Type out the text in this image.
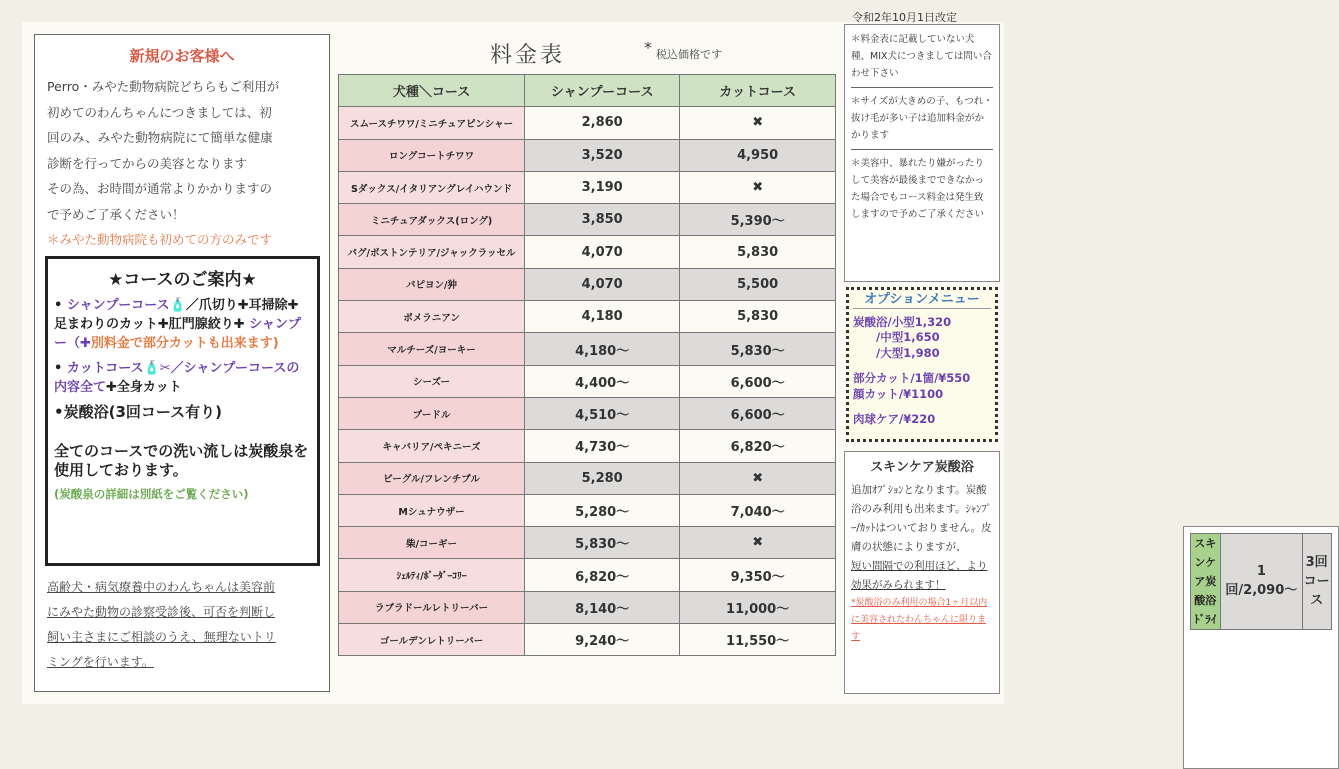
令和2年10月1日改定
新規のお客様へ
Perro・みやた動物病院どちらもご利用が
初めてのわんちゃんにつきましては、初
回のみ、みやた動物病院にて簡単な健康
診断を行ってからの美容となります
その為、お時間が通常よりかかりますの
で予めご了承ください！
＊みやた動物病院も初めての方のみです
★コースのご案内★
• シャンプーコース🧴／爪切り✚耳掃除✚足まわりのカット✚肛門腺絞り✚ シャンプー（✚別料金で部分カットも出来ます)
• カットコース🧴✂／シャンプーコースの内容全て✚全身カット
•炭酸浴(3回コース有り)
全てのコースでの洗い流しは炭酸泉を使用しております。
(炭酸泉の詳細は別紙をご覧ください)
高齢犬・病気療養中のわんちゃんは美容前
にみやた動物の診察受診後、可否を判断し
飼い主さまにご相談のうえ、無理ないトリ
ミングを行います。
料金表	* 税込価格です
犬種＼コース	シャンプーコース	カットコース
スムースチワワ/ミニチュアピンシャー	2,860	✖
ロングコートチワワ	3,520	4,950
Sダックス/イタリアングレイハウンド	3,190	✖
ミニチュアダックス(ロング)	3,850	5,390〜
パグ/ボストンテリア/ジャックラッセル	4,070	5,830
パピヨン/狆	4,070	5,500
ポメラニアン	4,180	5,830
マルチーズ/ヨーキー	4,180〜	5,830〜
シーズー	4,400〜	6,600〜
プードル	4,510〜	6,600〜
キャバリア/ペキニーズ	4,730〜	6,820〜
ビーグル/フレンチブル	5,280	✖
Mシュナウザー	5,280〜	7,040〜
柴/コーギー	5,830〜	✖
ｼｪﾙﾃｨ/ﾎﾞｰﾀﾞｰｺﾘｰ	6,820〜	9,350〜
ラブラドールレトリーバー	8,140〜	11,000〜
ゴールデンレトリーバー	9,240〜	11,550〜

スキンケア炭酸浴ﾄﾞﾗｲ	1回/2,090〜	3回コース
＊料金表に記載していない犬種、MIX犬につきましては問い合わせ下さい
＊サイズが大きめの子、もつれ・抜け毛が多い子は追加料金がかかります
＊美容中、暴れたり嫌がったりして美容が最後までできなかった場合でもコース料金は発生致しますので予めご了承ください
オプションメニュー
炭酸浴/小型1,320
　　/中型1,650
　　/大型1,980
部分カット/1箇/¥550
顔カット/¥1100
肉球ケア/¥220
スキンケア炭酸浴
追加ｵﾌﾟｼｮﾝとなります。炭酸浴のみ利用も出来ます。ｼｬﾝﾌﾟｰ/ｶｯﾄはついておりません。皮膚の状態によりますが、
短い間隔での利用ほど、より効果がみられます！
*炭酸浴のみ利用の場合1ヶ月以内に美容されたわんちゃんに限ります
